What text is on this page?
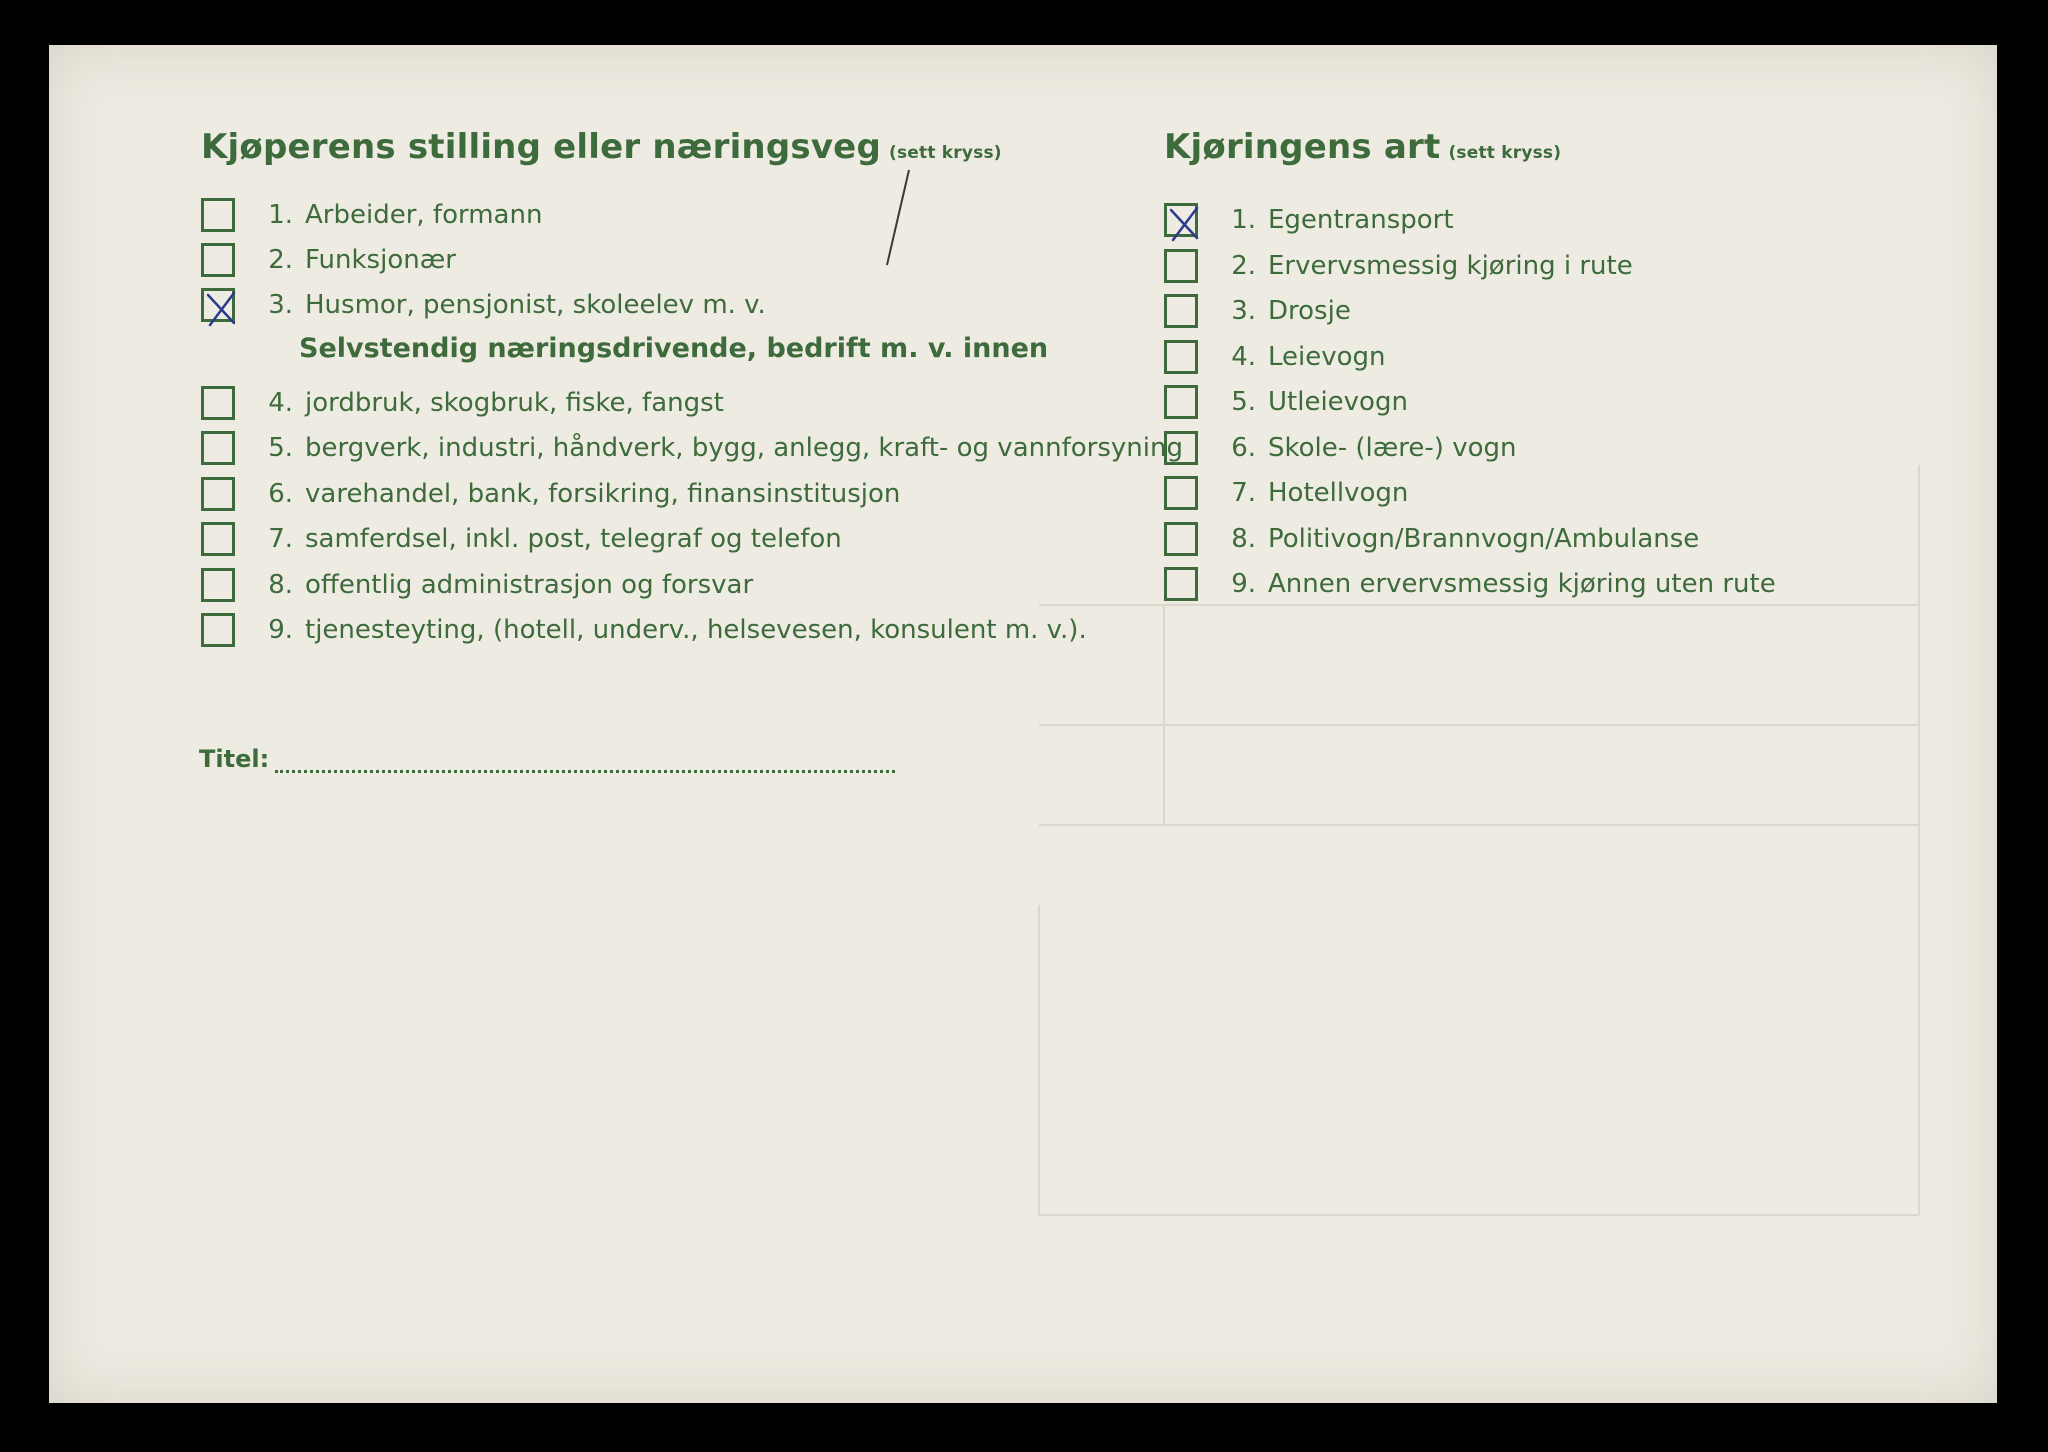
Kjøperens stilling eller næringsveg (sett kryss)
1. Arbeider, formann
2. Funksjonær
3. Husmor, pensjonist, skoleelev m. v.
Selvstendig næringsdrivende, bedrift m. v. innen
4. jordbruk, skogbruk, fiske, fangst
5. bergverk, industri, håndverk, bygg, anlegg, kraft- og vannforsyning
6. varehandel, bank, forsikring, finansinstitusjon
7. samferdsel, inkl. post, telegraf og telefon
8. offentlig administrasjon og forsvar
9. tjenesteyting, (hotell, underv., helsevesen, konsulent m. v.).
Titel:
Kjøringens art (sett kryss)
1. Egentransport
2. Ervervsmessig kjøring i rute
3. Drosje
4. Leievogn
5. Utleievogn
6. Skole- (lære-) vogn
7. Hotellvogn
8. Politivogn/Brannvogn/Ambulanse
9. Annen ervervsmessig kjøring uten rute
